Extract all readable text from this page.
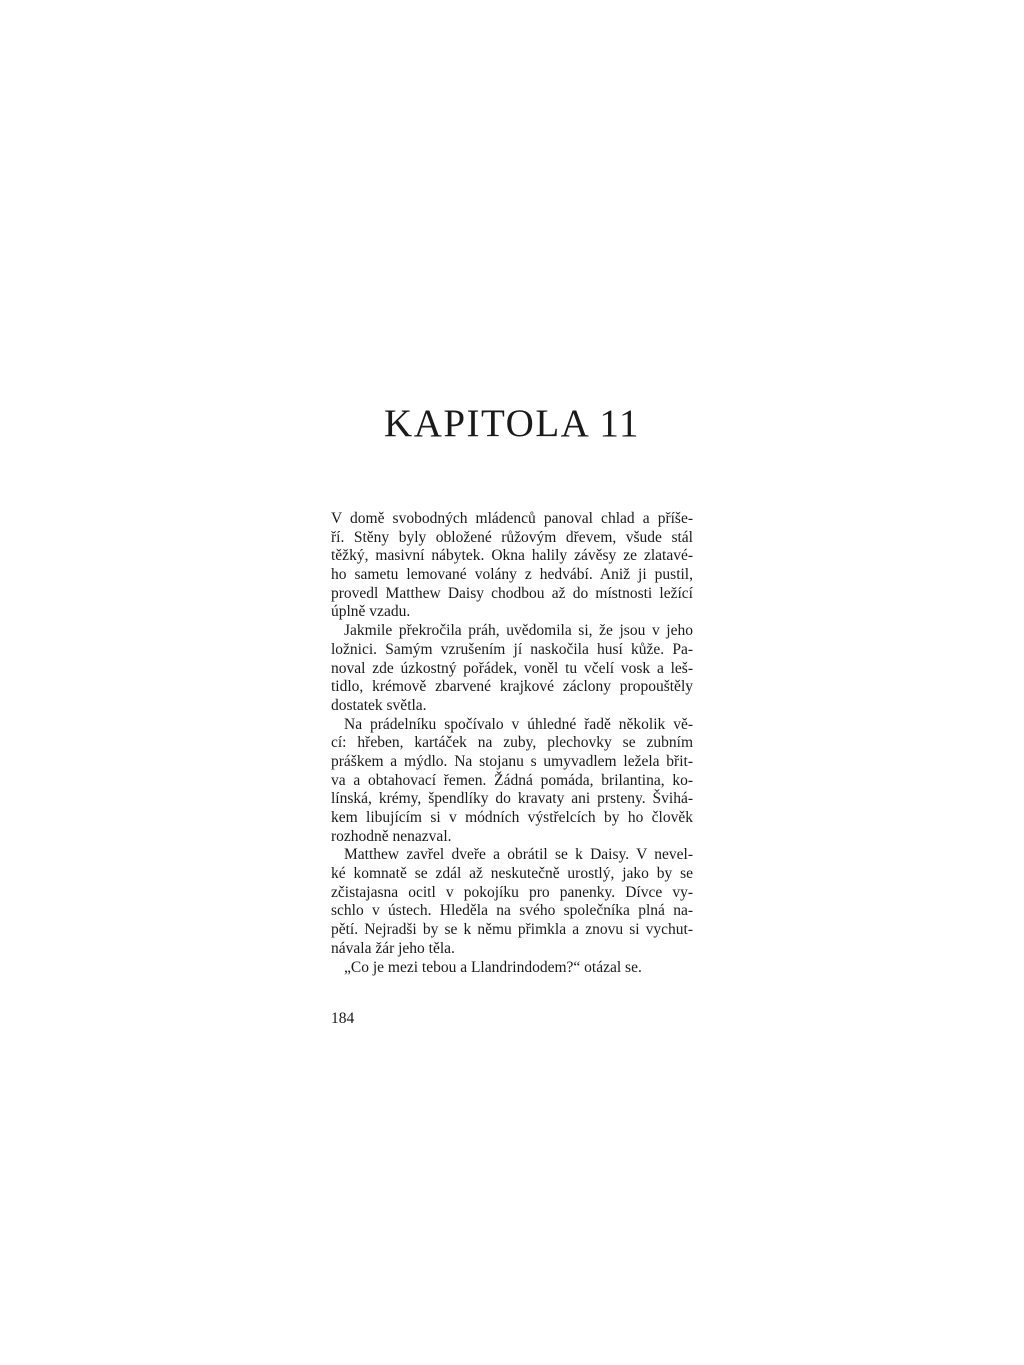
KAPITOLA 11
V domě svobodných mládenců panoval chlad a příše-
ří. Stěny byly obložené růžovým dřevem, všude stál
těžký, masivní nábytek. Okna halily závěsy ze zlatavé-
ho sametu lemované volány z hedvábí. Aniž ji pustil,
provedl Matthew Daisy chodbou až do místnosti ležící
úplně vzadu.
Jakmile překročila práh, uvědomila si, že jsou v jeho
ložnici. Samým vzrušením jí naskočila husí kůže. Pa-
noval zde úzkostný pořádek, voněl tu včelí vosk a leš-
tidlo, krémově zbarvené krajkové záclony propouštěly
dostatek světla.
Na prádelníku spočívalo v úhledné řadě několik vě-
cí: hřeben, kartáček na zuby, plechovky se zubním
práškem a mýdlo. Na stojanu s umyvadlem ležela břit-
va a obtahovací řemen. Žádná pomáda, brilantina, ko-
línská, krémy, špendlíky do kravaty ani prsteny. Švihá-
kem libujícím si v módních výstřelcích by ho člověk
rozhodně nenazval.
Matthew zavřel dveře a obrátil se k Daisy. V nevel-
ké komnatě se zdál až neskutečně urostlý, jako by se
zčistajasna ocitl v pokojíku pro panenky. Dívce vy-
schlo v ústech. Hleděla na svého společníka plná na-
pětí. Nejradši by se k němu přimkla a znovu si vychut-
návala žár jeho těla.
„Co je mezi tebou a Llandrindodem?“ otázal se.

184
